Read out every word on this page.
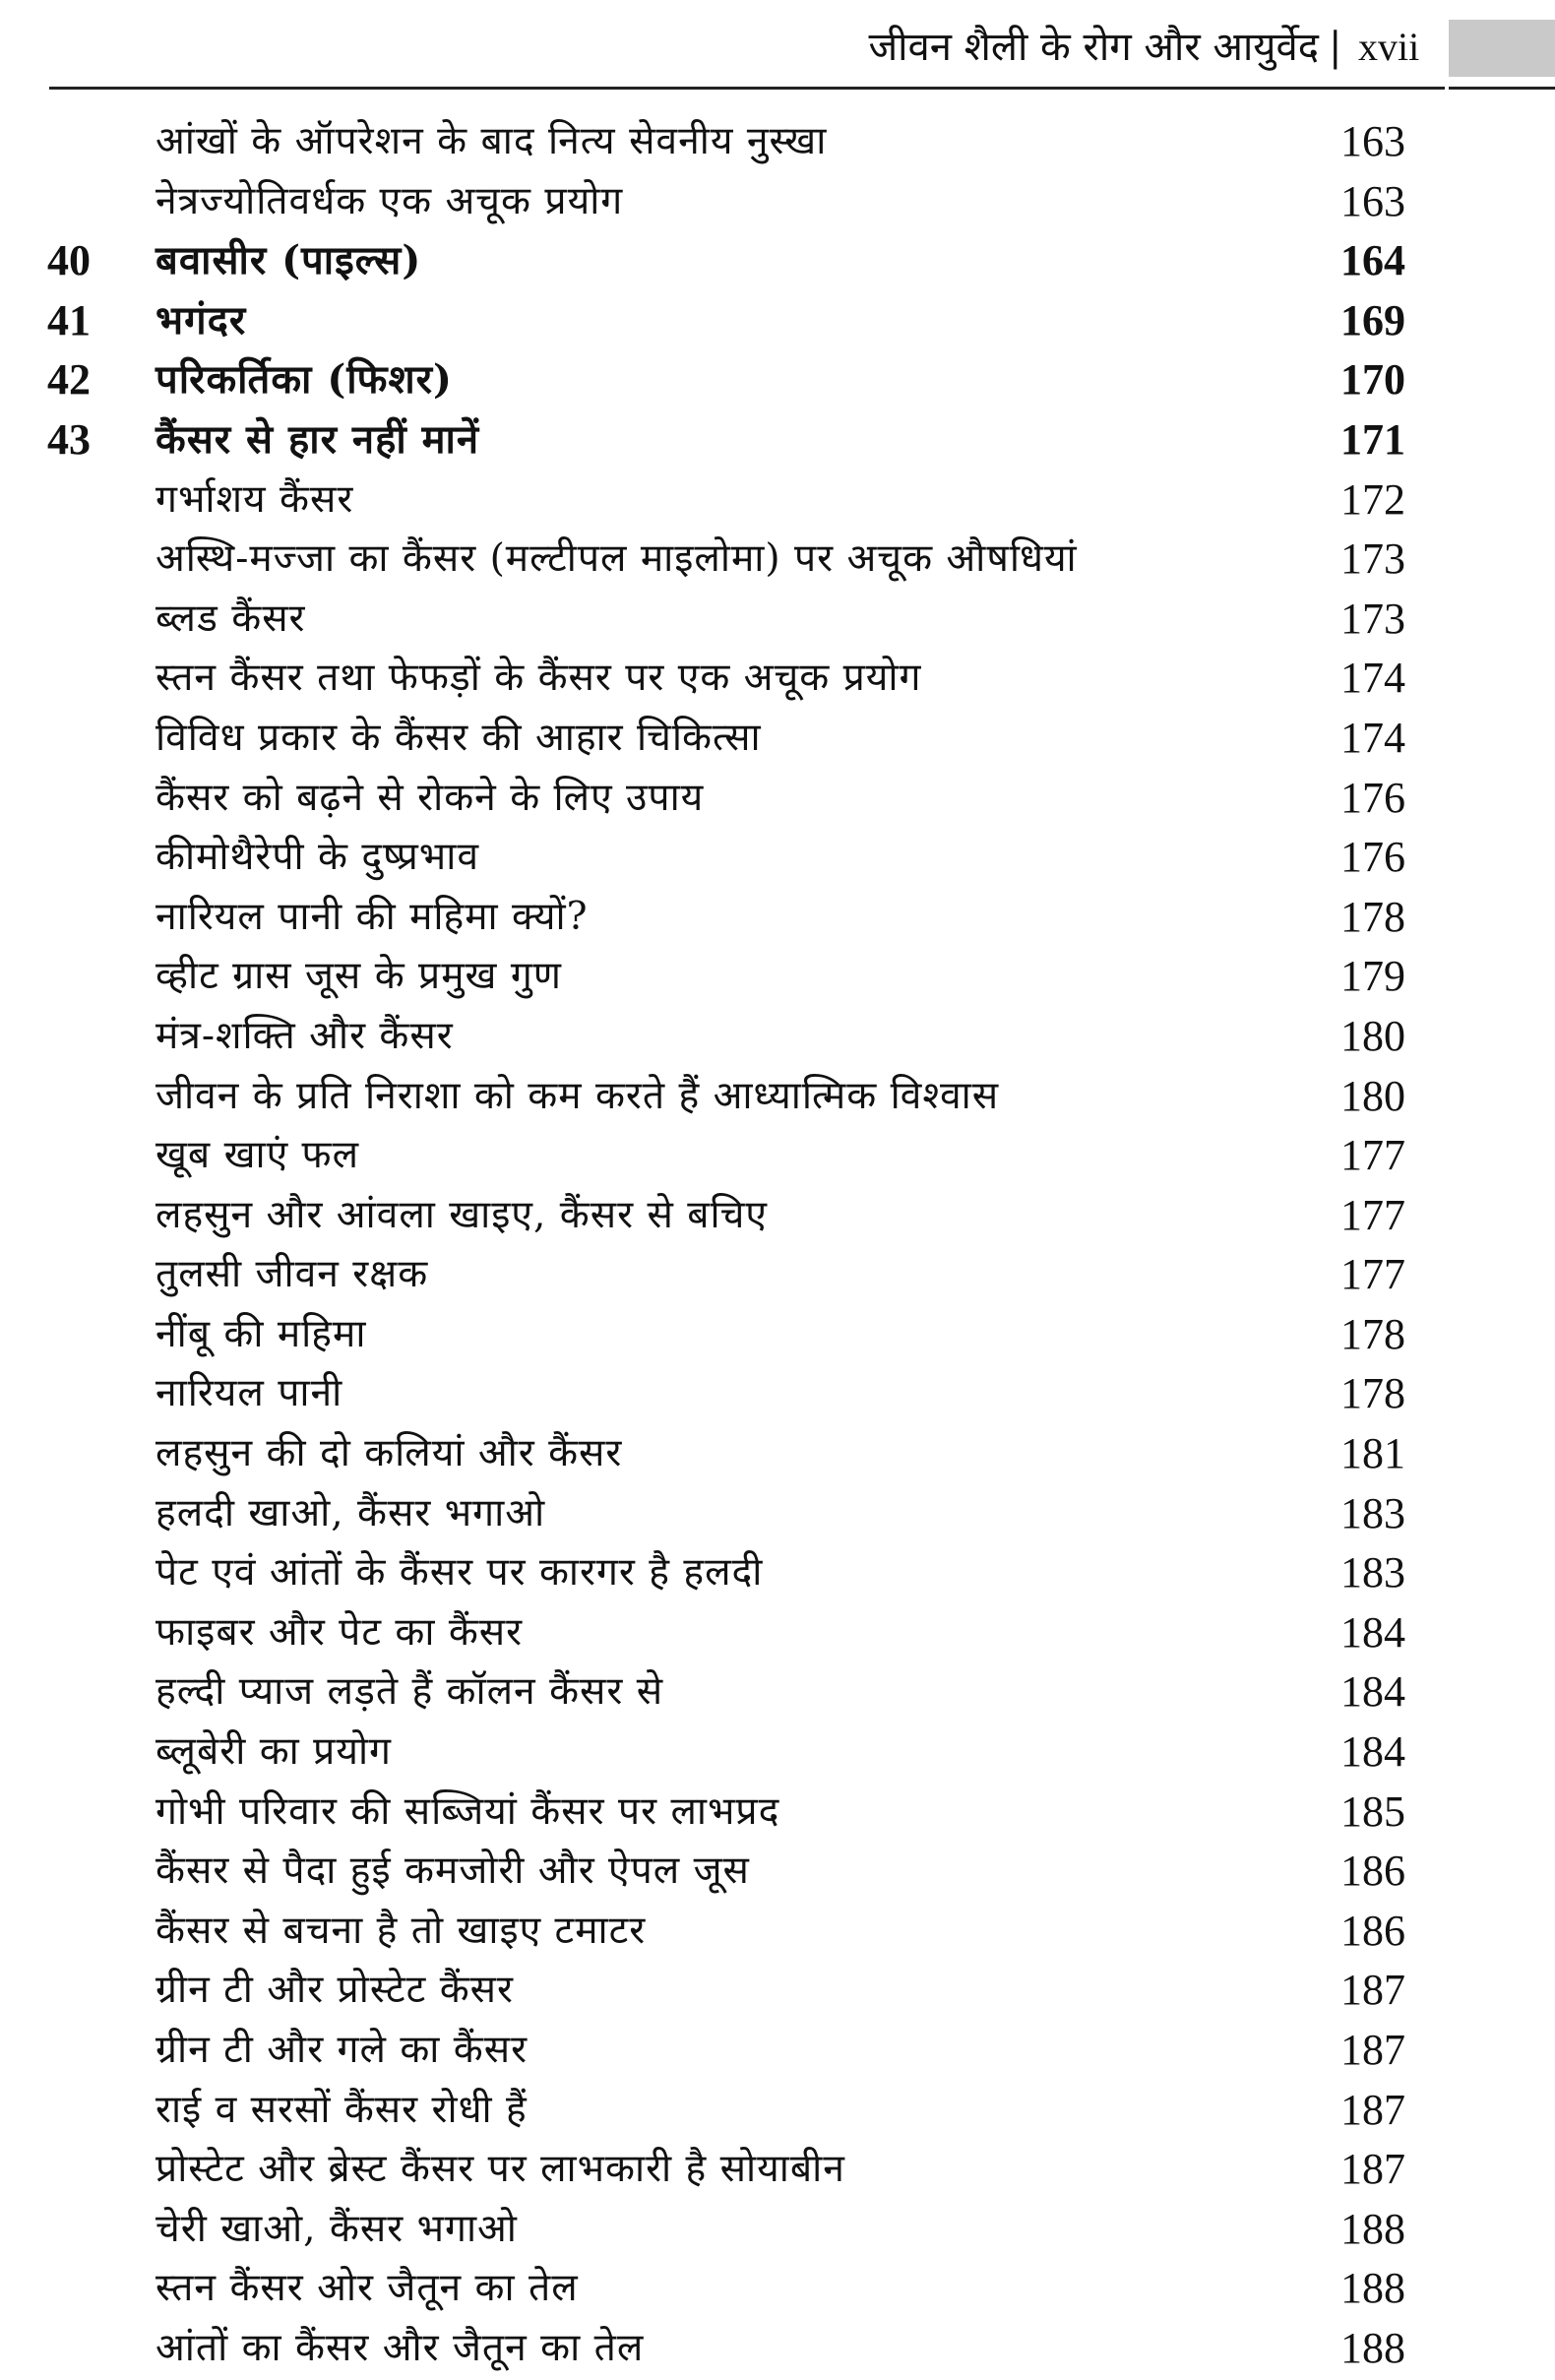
जीवन शैली के रोग और आयुर्वेद | xvii
आंखों के ऑपरेशन के बाद नित्य सेवनीय नुस्खा	163
नेत्रज्योतिवर्धक एक अचूक प्रयोग	163
40 बवासीर (पाइल्स)	164
41 भगंदर	169
42 परिकर्तिका (फिशर)	170
43 कैंसर से हार नहीं मानें	171
गर्भाशय कैंसर	172
अस्थि-मज्जा का कैंसर (मल्टीपल माइलोमा) पर अचूक औषधियां	173
ब्लड कैंसर	173
स्तन कैंसर तथा फेफड़ों के कैंसर पर एक अचूक प्रयोग	174
विविध प्रकार के कैंसर की आहार चिकित्सा	174
कैंसर को बढ़ने से रोकने के लिए उपाय	176
कीमोथैरेपी के दुष्प्रभाव	176
नारियल पानी की महिमा क्यों?	178
व्हीट ग्रास जूस के प्रमुख गुण	179
मंत्र-शक्ति और कैंसर	180
जीवन के प्रति निराशा को कम करते हैं आध्यात्मिक विश्वास	180
खूब खाएं फल	177
लहसुन और आंवला खाइए, कैंसर से बचिए	177
तुलसी जीवन रक्षक	177
नींबू की महिमा	178
नारियल पानी	178
लहसुन की दो कलियां और कैंसर	181
हलदी खाओ, कैंसर भगाओ	183
पेट एवं आंतों के कैंसर पर कारगर है हलदी	183
फाइबर और पेट का कैंसर	184
हल्दी प्याज लड़ते हैं कॉलन कैंसर से	184
ब्लूबेरी का प्रयोग	184
गोभी परिवार की सब्जियां कैंसर पर लाभप्रद	185
कैंसर से पैदा हुई कमजोरी और ऐपल जूस	186
कैंसर से बचना है तो खाइए टमाटर	186
ग्रीन टी और प्रोस्टेट कैंसर	187
ग्रीन टी और गले का कैंसर	187
राई व सरसों कैंसर रोधी हैं	187
प्रोस्टेट और ब्रेस्ट कैंसर पर लाभकारी है सोयाबीन	187
चेरी खाओ, कैंसर भगाओ	188
स्तन कैंसर ओर जैतून का तेल	188
आंतों का कैंसर और जैतून का तेल	188
